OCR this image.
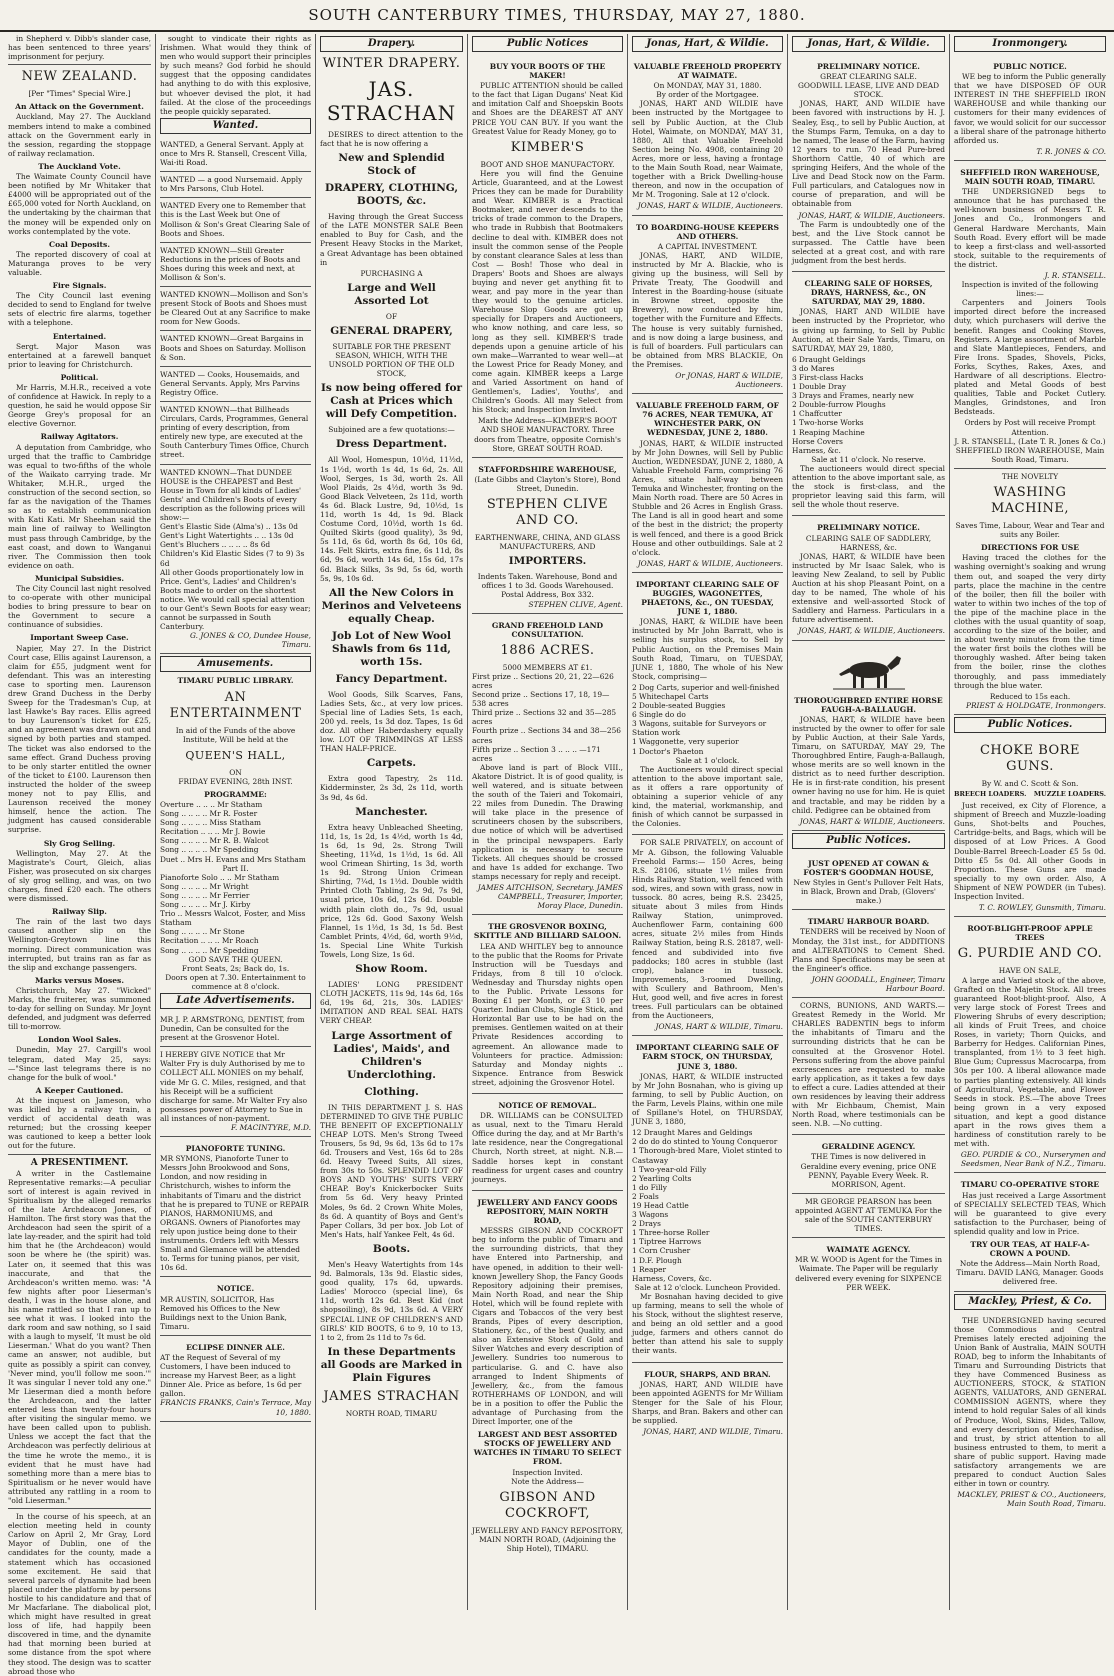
SOUTH CANTERBURY TIMES, THURSDAY, MAY 27, 1880.

in Shepherd v. Dibb's slander case, has been sentenced to three years' imprisonment for perjury.

NEW ZEALAND.
[Per "Times" Special Wire.]
An Attack on the Government.

Auckland, May 27. The Auckland members intend to make a combined attack on the Government early in the session, regarding the stoppage of railway reclamation.

The Auckland Vote.

The Waimate County Council have been notified by Mr Whitaker that £4000 will be appropriated out of the £65,000 voted for North Auckland, on the undertaking by the chairman that the money will be expended only on works contemplated by the vote.

Coal Deposits.

The reported discovery of coal at Maturanga proves to be very valuable.

Fire Signals.

The City Council last evening decided to send to England for twelve sets of electric fire alarms, together with a telephone.

Entertained.

Sergt. Major Mason was entertained at a farewell banquet prior to leaving for Christchurch.

Political.

Mr Harris, M.H.R., received a vote of confidence at Hawick. In reply to a question, he said he would oppose Sir George Grey's proposal for an elective Governor.

Railway Agitators.

A deputation from Cambridge, who urged that the traffic to Cambridge was equal to two-fifths of the whole of the Waikato carrying trade. Mr Whitaker, M.H.R., urged the construction of the second section, so far as the navigation of the Thames so as to establish communication with Kati Kati. Mr Sheehan said the main line of railway to Wellington must pass through Cambridge, by the east coast, and down to Wanganui river. The Commission then took evidence on oath.

Municipal Subsidies.

The City Council last night resolved to co-operate with other municipal bodies to bring pressure to bear on the Government to secure a continuance of subsidies.

Important Sweep Case.

Napier, May 27. In the District Court case, Ellis against Laurenson, a claim for £55, judgment went for defendant. This was an interesting case to sporting men. Laurenson drew Grand Duchess in the Derby Sweep for the Tradesman's Cup, at last Hawke's Bay races. Ellis agreed to buy Laurenson's ticket for £25, and an agreement was drawn out and signed by both parties and stamped. The ticket was also endorsed to the same effect. Grand Duchess proving to be only starter entitled the owner of the ticket to £100. Laurenson then instructed the holder of the sweep money not to pay Ellis, and Laurenson received the money himself, hence the action. The judgment has caused considerable surprise.

Sly Grog Selling.

Wellington, May 27. At the Magistrate's Court, Gleich, alias Fisher, was prosecuted on six charges of sly grog selling, and was, on two charges, fined £20 each. The others were dismissed.

Railway Slip.

The rain of the last two days caused another slip on the Wellington-Greytown line this morning. Direct communication was interrupted, but trains ran as far as the slip and exchange passengers.

Marks versus Moses.

Christchurch, May 27. "Wicked" Marks, the fruiterer, was summoned to-day for selling on Sunday. Mr Joynt defended, and judgment was deferred till to-morrow.

London Wool Sales.

Dunedin, May 27. Cargill's wool telegram, dated May 25, says:—"Since last telegrams there is no change for the bulk of wool."

A Keeper Cautioned.

At the inquest on Jameson, who was killed by a railway train, a verdict of accidental death was returned; but the crossing keeper was cautioned to keep a better look out for the future.

A PRESENTIMENT.

A writer in the Castlemaine Representative remarks:—A peculiar sort of interest is again revived in Spiritualism by the alleged remarks of the late Archdeacon Jones, of Hamilton. The first story was that the Archdeacon had seen the spirit of a late lay-reader, and the spirit had told him that he (the Archdeacon) would soon be where he (the spirit) was. Later on, it seemed that this was inaccurate, and that the Archdeacon's written memo. was: "A few nights after poor Lieserman's death, I was in the house alone, and his name rattled so that I ran up to see what it was. I looked into the dark room and saw nothing, so I said with a laugh to myself, 'It must be old Lieserman.' What do you want? Then came an answer, not audible, but quite as possibly a spirit can convey, 'Never mind, you'll follow me soon.'" It was singular I never told any one." Mr Lieserman died a month before the Archdeacon, and the latter entered less than twenty-four hours after visiting the singular memo. we have been called upon to publish. Unless we accept the fact that the Archdeacon was perfectly delirious at the time he wrote the memo., it is evident that he must have had something more than a mere bias to Spiritualism or he never would have attributed any rattling in a room to "old Lieserman."

In the course of his speech, at an election meeting held in county Carlow on April 2, Mr Gray, Lord Mayor of Dublin, one of the candidates for the county, made a statement which has occasioned some excitement. He said that several parcels of dynamite had been placed under the platform by persons hostile to his candidature and that of Mr Macfarlane. The diabolical plot, which might have resulted in great loss of life, had happily been discovered in time, and the dynamite had that morning been buried at some distance from the spot where they stood. The design was to scatter abroad those who

sought to vindicate their rights as Irishmen. What would they think of men who would support their principles by such means? God forbid he should suggest that the opposing candidates had anything to do with this explosive, but whoever devised the plot, it had failed. At the close of the proceedings the people quickly separated.

Wanted.
WANTED, a General Servant. Apply at once to Mrs R. Stansell, Crescent Villa, Wai-iti Road.
WANTED — a good Nursemaid. Apply to Mrs Parsons, Club Hotel.
WANTED Every one to Remember that this is the Last Week but One of Mollison & Son's Great Clearing Sale of Boots and Shoes.
WANTED KNOWN—Still Greater Reductions in the prices of Boots and Shoes during this week and next, at Mollison & Son's.
WANTED KNOWN—Mollison and Son's present Stock of Boots and Shoes must be Cleared Out at any Sacrifice to make room for New Goods.
WANTED KNOWN—Great Bargains in Boots and Shoes on Saturday. Mollison & Son.
WANTED — Cooks, Housemaids, and General Servants. Apply, Mrs Parvins Registry Office.
WANTED KNOWN—that Billheads Circulars, Cards, Programmes, General printing of every description, from entirely new type, are executed at the South Canterbury Times Office, Church street.
WANTED KNOWN—That DUNDEE HOUSE is the CHEAPEST and Best House in Town for all kinds of Ladies' Gents' and Children's Boots of every description as the following prices will show:—
Gent's Elastic Side (Alma's) .. 13s 0d
Gent's Light Watertights .. .. 13s 0d
Gent's Bluchers .. .. .. .. 8s 6d
Children's Kid Elastic Sides (7 to 9) 3s 6d
All other Goods proportionately low in Price. Gent's, Ladies' and Children's Boots made to order on the shortest notice. We would call special attention to our Gent's Sewn Boots for easy wear; cannot be surpassed in South Canterbury.
G. JONES & CO, Dundee House, Timaru.
Amusements.
TIMARU PUBLIC LIBRARY.
AN ENTERTAINMENT
In aid of the Funds of the above Institute, Will be held at the
QUEEN'S HALL,
ON
FRIDAY EVENING, 28th INST.
PROGRAMME:
Overture .. .. .. Mr Statham
Song .. .. .. .. Mr R. Foster
Song .. .. .. .. Miss Statham
Recitation .. .. .. Mr J. Bowie
Song .. .. .. .. Mr R. B. Walcot
Song .. .. .. .. Mr Spedding
Duet .. Mrs H. Evans and Mrs Statham
Part II.
Pianoforte Solo .. .. Mr Statham
Song .. .. .. .. Mr Wright
Song .. .. .. .. Mr Ferrier
Song .. .. .. .. Mr J. Kirby
Trio .. Messrs Walcot, Foster, and Miss Statham
Song .. .. .. .. Mr Stone
Recitation .. .. .. Mr Roach
Song .. .. .. .. Mr Spedding
GOD SAVE THE QUEEN.
Front Seats, 2s; Back do, 1s.
Doors open at 7.30. Entertainment to commence at 8 o'clock.
Late Advertisements.
MR J. P. ARMSTRONG, DENTIST, from Dunedin, Can be consulted for the present at the Grosvenor Hotel.
I HEREBY GIVE NOTICE that Mr Walter Fry is duly Authorised by me to COLLECT ALL MONIES on my behalf, vide Mr G. C. Miles, resigned, and that his Receipt will be a sufficient discharge for same. Mr Walter Fry also possesses power of Attorney to Sue in all instances of non-payment.
F. MACINTYRE, M.D.
PIANOFORTE TUNING.
MR SYMONS, Pianoforte Tuner to Messrs John Brookwood and Sons, London, and now residing in Christchurch, wishes to inform the inhabitants of Timaru and the district that he is prepared to TUNE or REPAIR PIANOS, HARMONIUMS, and ORGANS. Owners of Pianofortes may rely upon justice being done to their instruments. Orders left with Messrs Small and Glemance will be attended to. Terms for tuning pianos, per visit, 10s 6d.
NOTICE.
MR AUSTIN, SOLICITOR, Has Removed his Offices to the New Buildings next to the Union Bank, Timaru.
ECLIPSE DINNER ALE.
AT the Request of Several of my Customers, I have been induced to increase my Harvest Beer, as a light Dinner Ale. Price as before, 1s 6d per gallon.
FRANCIS FRANKS, Cain's Terrace, May 10, 1880.
Drapery.
WINTER DRAPERY.
JAS. STRACHAN

DESIRES to direct attention to the fact that he is now offering a

New and Splendid Stock of
DRAPERY, CLOTHING, BOOTS, &c.

Having through the Great Success of the LATE MONSTER SALE Been enabled to Buy for Cash, and the Present Heavy Stocks in the Market, a Great Advantage has been obtained in

PURCHASING A
Large and Well Assorted Lot
OF
GENERAL DRAPERY,
SUITABLE FOR THE PRESENT SEASON, WHICH, WITH THE UNSOLD PORTION OF THE OLD STOCK,
Is now being offered for Cash at Prices which will Defy Competition.
Subjoined are a few quotations:—
Dress Department.

All Wool, Homespun, 10½d, 11½d, 1s 1½d, worth 1s 4d, 1s 6d, 2s. All Wool, Serges, 1s 3d, worth 2s. All Wool Plaids, 2s 4½d, worth 3s 9d. Good Black Velveteen, 2s 11d, worth 4s 6d. Black Lustre, 9d, 10½d, 1s 11d, worth 1s 4d, 1s 9d. Black Costume Cord, 10½d, worth 1s 6d. Quilted Skirts (good quality), 3s 9d, 5s 11d, 6s 6d, worth 8s 6d, 10s 6d, 14s. Felt Skirts, extra fine, 6s 11d, 8s 6d, 9s 6d, worth 14s 6d, 15s 6d, 17s 6d. Black Silks, 3s 9d, 5s 6d, worth 5s, 9s, 10s 6d.

All the New Colors in Merinos and Velveteens equally Cheap.
Job Lot of New Wool Shawls from 6s 11d, worth 15s.
Fancy Department.

Wool Goods, Silk Scarves, Fans, Ladies Sets, &c., at very low prices. Special line of Ladies Sets, 1s each, 200 yd. reels, 1s 3d doz. Tapes, 1s 6d doz. All other Haberdashery equally low. LOT OF TRIMMINGS AT LESS THAN HALF-PRICE.

Carpets.

Extra good Tapestry, 2s 11d. Kidderminster, 2s 3d, 2s 11d, worth 3s 9d, 4s 6d.

Manchester.

Extra heavy Unbleached Sheeting, 11d, 1s, 1s 2d, 1s 4½d, worth 1s 4d, 1s 6d, 1s 9d, 2s. Strong Twill Sheeting, 11¾d, 1s 1½d, 1s 6d. All wool Crimean Shirting, 1s 3d, worth 1s 9d. Strong Union Crimean Shirting, 7¼d, 1s 1½d. Double width Printed Cloth Tabling, 2s 9d, 7s 9d, usual price, 10s 6d, 12s 6d. Double width plain cloth do., 7s 9d, usual price, 12s 6d. Good Saxony Welsh Flannel, 1s 1½d, 1s 3d, 1s 5d. Best Camblet Prints, 4½d, 6d, worth 9½d, 1s. Special Line White Turkish Towels, Long Size, 1s 6d.

Show Room.

LADIES' LONG PRESIDENT CLOTH JACKETS, 11s 9d, 14s 6d, 16s 6d, 19s 6d, 21s, 30s. LADIES' IMITATION AND REAL SEAL HATS VERY CHEAP.

Large Assortment of Ladies', Maids', and Children's Underclothing.
Clothing.

IN THIS DEPARTMENT J. S. HAS DETERMINED TO GIVE THE PUBLIC THE BENEFIT OF EXCEPTIONALLY CHEAP LOTS. Men's Strong Tweed Trousers, 5s 9d, 9s 6d, 13s 6d to 17s 6d. Trousers and Vest, 16s 6d to 28s 6d. Heavy Tweed Suits, All sizes, from 30s to 50s. SPLENDID LOT OF BOYS AND YOUTHS' SUITS VERY CHEAP. Boy's Knickerbocker Suits from 5s 6d. Very heavy Printed Moles, 9s 6d. 2 Crown White Moles, 8s 6d. A quantity of Boys and Gent's Paper Collars, 3d per box. Job Lot of Men's Hats, half Yankee Felt, 4s 6d.

Boots.

Men's Heavy Watertights from 14s 9d. Balmorals, 13s 9d. Elastic sides, good quality, 17s 6d, upwards. Ladies' Morocco (special line), 6s 11d, worth 12s 6d. Best Kid (not shopsoiling), 8s 9d, 13s 6d. A VERY SPECIAL LINE OF CHILDREN'S AND GIRLS' KID BOOTS, 6 to 9, 10 to 13, 1 to 2, from 2s 11d to 7s 6d.

In these Departments all Goods are Marked in Plain Figures
JAMES STRACHAN
NORTH ROAD, TIMARU
Public Notices
BUY YOUR BOOTS OF THE MAKER!

PUBLIC ATTENTION should be called to the fact that Ligan Dugans' Neat Kid and imitation Calf and Shoepskin Boots and Shoes are the DEAREST AT ANY PRICE YOU CAN BUY. If you want the Greatest Value for Ready Money, go to

KIMBER'S
BOOT AND SHOE MANUFACTORY.

Here you will find the Genuine Article, Guaranteed, and at the Lowest Prices they can be made for Durability and Wear. KIMBER is a Practical Bootmaker, and never descends to the tricks of trade common to the Drapers, who trade in Rubbish that Bootmakers decline to deal with. KIMBER does not insult the common sense of the People by constant clearance Sales at less than Cost — Bosh! Those who deal in Drapers' Boots and Shoes are always buying and never get anything fit to wear, and pay more in the year than they would to the genuine articles. Warehouse Slop Goods are got up specially for Drapers and Auctioneers, who know nothing, and care less, so long as they sell. KIMBER'S trade depends upon a genuine article of his own make—Warranted to wear well—at the Lowest Price for Ready Money, and come again. KIMBER keeps a Large and Varied Assortment on hand of Gentlemen's, Ladies', Youths', and Children's Goods. All may Select from his Stock; and Inspection Invited.

Mark the Address—KIMBER'S BOOT AND SHOE MANUFACTORY. Three doors from Theatre, opposite Cornish's Store, GREAT SOUTH ROAD.
STAFFORDSHIRE WAREHOUSE,
(Late Gibbs and Clayton's Store), Bond Street, Dunedin.
STEPHEN CLIVE AND CO.
EARTHENWARE, CHINA, AND GLASS MANUFACTURERS, AND
IMPORTERS.
Indents Taken. Warehouse, Bond and offices 1 to 3d. Goods Warehoused. Postal Address, Box 332.
STEPHEN CLIVE, Agent.
GRAND FREEHOLD LAND CONSULTATION.
1886 ACRES.
5000 MEMBERS AT £1.
First prize .. Sections 20, 21, 22—626 acres
Second prize .. Sections 17, 18, 19—538 acres
Third prize .. Sections 32 and 35—285 acres
Fourth prize .. Sections 34 and 38—256 acres
Fifth prize .. Section 3 .. .. .. —171 acres

Above land is part of Block VIII., Akatore District. It is of good quality, is well watered, and is situate between the south of the Taieri and Tokomairi, 22 miles from Dunedin. The Drawing will take place in the presence of scrutineers chosen by the subscribers, due notice of which will be advertised in the principal newspapers. Early application is necessary to secure Tickets. All cheques should be crossed and have 1s added for exchange. Two stamps necessary for reply and receipt.

JAMES AITCHISON, Secretary. JAMES CAMPBELL, Treasurer, Importer, Moray Place, Dunedin.
THE GROSVENOR BOXING, SKITTLE AND BILLIARD SALOON.

LEA AND WHITLEY beg to announce to the public that the Rooms for Private Instruction will be Tuesdays and Fridays, from 8 till 10 o'clock. Wednesday and Thursday nights open to the Public. Private Lessons for Boxing £1 per Month, or £3 10 per Quarter. Indian Clubs, Single Stick, and Horizontal Bar use to be had on the premises. Gentlemen waited on at their Private Residences according to agreement. An allowance made to Volunteers for practice. Admission: Saturday and Monday nights .. Sixpence. Entrance from Beswick street, adjoining the Grosvenor Hotel.

NOTICE OF REMOVAL.

DR. WILLIAMS can be CONSULTED as usual, next to the Timaru Herald Office during the day, and at Mr Barth's late residence, near the Congregational Church, North street, at night. N.B.—Saddle horses kept in constant readiness for urgent cases and country journeys.

JEWELLERY AND FANCY GOODS REPOSITORY, MAIN NORTH ROAD,

MESSRS GIBSON AND COCKROFT beg to inform the public of Timaru and the surrounding districts, that they have Entered into Partnership, and have opened, in addition to their well-known Jewellery Shop, the Fancy Goods Repository adjoining their premises, Main North Road, and near the Ship Hotel, which will be found replete with Cigars and Tobaccos of the very best Brands, Pipes of every description, Stationery, &c., of the best Quality, and also an Extensive Stock of Gold and Silver Watches and every description of Jewellery. Sundries too numerous to particularise. G. and C. have also arranged to Indent Shipments of Jewellery, &c., from the famous ROTHERHAMS OF LONDON, and will be in a position to offer the Public the advantage of Purchasing from the Direct Importer, one of the

LARGEST AND BEST ASSORTED STOCKS OF JEWELLERY AND WATCHES IN TIMARU TO SELECT FROM.
Inspection Invited.
Note the Address—
GIBSON AND COCKROFT,
JEWELLERY AND FANCY REPOSITORY, MAIN NORTH ROAD, (Adjoining the Ship Hotel), TIMARU.
Jonas, Hart, & Wildie.
VALUABLE FREEHOLD PROPERTY AT WAIMATE.
On MONDAY, MAY 31, 1880.
By order of the Mortgagee.

JONAS, HART AND WILDIE have been instructed by the Mortgagee to sell by Public Auction, at the Club Hotel, Waimate, on MONDAY, MAY 31, 1880, All that Valuable Freehold Section being No. 4908, containing 20 Acres, more or less, having a frontage to the Main South Road, near Waimate, together with a Brick Dwelling-house thereon, and now in the occupation of Mr M. Trogoning. Sale at 12 o'clock.

JONAS, HART & WILDIE, Auctioneers.
TO BOARDING-HOUSE KEEPERS AND OTHERS.
A CAPITAL INVESTMENT.

JONAS, HART, AND WILDIE, instructed by Mr A. Blackie, who is giving up the business, will Sell by Private Treaty, The Goodwill and Interest in the Boarding-house (situate in Browne street, opposite the Brewery), now conducted by him, together with the Furniture and Effects. The house is very suitably furnished, and is now doing a large business, and is full of boarders. Full particulars can be obtained from MRS BLACKIE, On the Premises.

Or JONAS, HART & WILDIE, Auctioneers.
VALUABLE FREEHOLD FARM, OF 76 ACRES, NEAR TEMUKA, AT WINCHESTER PARK, ON WEDNESDAY, JUNE 2, 1880.

JONAS, HART, & WILDIE instructed by Mr John Downes, will Sell by Public Auction, WEDNESDAY, JUNE 2, 1880, A Valuable Freehold Farm, comprising 76 Acres, situate half-way between Temuka and Winchester, fronting on the Main North road. There are 50 Acres in Stubble and 26 Acres in English Grass. The Land is all in good heart and some of the best in the district; the property is well fenced, and there is a good Brick House and other outbuildings. Sale at 2 o'clock.

JONAS, HART & WILDIE, Auctioneers.
IMPORTANT CLEARING SALE OF BUGGIES, WAGONETTES, PHAETONS, &c., ON TUESDAY, JUNE 1, 1880.

JONAS, HART, & WILDIE have been instructed by Mr John Barratt, who is selling his surplus stock, to Sell by Public Auction, on the Premises Main South Road, Timaru, on TUESDAY, JUNE 1, 1880, The whole of his New Stock, comprising—

2 Dog Carts, superior and well-finished
5 Whitechapel Carts
2 Double-seated Buggies
6 Single do do
3 Wagons, suitable for Surveyors or Station work
1 Waggonette, very superior
1 Doctor's Phaeton
Sale at 1 o'clock.

The Auctioneers would direct special attention to the above important sale, as it offers a rare opportunity of obtaining a superior vehicle of any kind, the material, workmanship, and finish of which cannot be surpassed in the Colonies.

FOR SALE PRIVATELY, on account of Mr A. Gibson, the following Valuable Freehold Farms:— 150 Acres, being R.S. 28106, situate 1½ miles from Hinds Railway Station, well fenced with sod, wires, and sown with grass, now in tussock. 80 acres, being R.S. 23425, situate about 3 miles from Hinds Railway Station, unimproved. Auchenflower Farm, containing 600 acres, situate 2½ miles from Hinds Railway Station, being R.S. 28187, well-fenced and subdivided into five paddocks; 180 acres in stubble (last crop), balance in tussock. Improvements, 3-roomed Dwelling, with Scullery and Bathroom, Men's Hut, good well, and five acres in forest trees. Full particulars can be obtained from the Auctioneers,

JONAS, HART & WILDIE, Timaru.
IMPORTANT CLEARING SALE OF FARM STOCK, ON THURSDAY, JUNE 3, 1880.

JONAS, HART, & WILDIE instructed by Mr John Bosnahan, who is giving up farming, to sell by Public Auction, on the Farm, Levels Plains, within one mile of Spillane's Hotel, on THURSDAY, JUNE 3, 1880,

12 Draught Mares and Geldings
2 do do do stinted to Young Conqueror
1 Thorough-bred Mare, Violet stinted to Castaway
1 Two-year-old Filly
2 Yearling Colts
1 do Filly
2 Foals
19 Head Cattle
3 Wagons
2 Drays
1 Three-horse Roller
1 Tiptree Harrows
1 Corn Crusher
1 D.F. Plough
1 Reaper
Harness, Covers, &c.
Sale at 12 o'clock. Luncheon Provided.

Mr Bosnahan having decided to give up farming, means to sell the whole of his Stock, without the slightest reserve, and being an old settler and a good judge, farmers and others cannot do better than attend his sale to supply their wants.

FLOUR, SHARPS, AND BRAN.

JONAS, HART, AND WILDIE have been appointed AGENTS for Mr William Stenger for the Sale of his Flour, Sharps, and Bran. Bakers and other can be supplied.

JONAS, HART, AND WILDIE, Timaru.
Jonas, Hart, & Wildie.
PRELIMINARY NOTICE.
GREAT CLEARING SALE.
GOODWILL LEASE, LIVE AND DEAD STOCK.

JONAS, HART, AND WILDIE have been favored with instructions by H. J. Sealey, Esq., to sell by Public Auction, at the Stumps Farm, Temuka, on a day to be named, The lease of the Farm, having 12 years to run. 70 Head Pure-bred Shorthorn Cattle, 40 of which are springing Heifers, And the whole of the Live and Dead Stock now on the Farm. Full particulars, and Catalogues now in course of preparation, and will be obtainable from

JONAS, HART, & WILDIE, Auctioneers.

The Farm is undoubtedly one of the best, and the Live Stock cannot be surpassed. The Cattle have been selected at a great cost, and with rare judgment from the best herds.

CLEARING SALE OF HORSES, DRAYS, HARNESS, &c., ON SATURDAY, MAY 29, 1880.

JONAS, HART AND WILDIE have been instructed by the Proprietor, who is giving up farming, to Sell by Public Auction, at their Sale Yards, Timaru, on SATURDAY, MAY 29, 1880,

6 Draught Geldings
3 do Mares
3 First-class Hacks
1 Double Dray
3 Drays and Frames, nearly new
2 Double-furrow Ploughs
1 Chaffcutter
1 Two-horse Works
1 Reaping Machine
Horse Covers
Harness, &c.
Sale at 11 o'clock. No reserve.

The auctioneers would direct special attention to the above important sale, as the stock is first-class, and the proprietor leaving said this farm, will sell the whole thout reserve.

PRELIMINARY NOTICE.
CLEARING SALE OF SADDLERY, HARNESS, &c.

JONAS, HART, & WILDIE have been instructed by Mr Isaac Salek, who is leaving New Zealand, to sell by Public Auction at his shop Pleasant Point, on a day to be named, The whole of his extensive and well-assorted Stock of Saddlery and Harness. Particulars in a future advertisement.

JONAS, HART, & WILDIE, Auctioneers.
THOROUGHBRED ENTIRE HORSE FAUGH-A-BALLAUGH.

JONAS, HART, & WILDIE have been instructed by the owner to offer for sale by Public Auction, at their Sale Yards, Timaru, on SATURDAY, MAY 29, The Thoroughbred Entire, Faugh-a-Ballaugh, whose merits are so well known in the district as to need further description. He is in first-rate condition, his present owner having no use for him. He is quiet and tractable, and may be ridden by a child. Pedigree can be obtained from

JONAS, HART & WILDIE, Auctioneers.
Public Notices.
JUST OPENED AT COWAN & FOSTER'S GOODMAN HOUSE,
New Styles in Gent's Pullover Felt Hats, in Black, Brown and Drab, (Glovers' make.)
TIMARU HARBOUR BOARD.

TENDERS will be received by Noon of Monday, the 31st inst., for ADDITIONS and ALTERATIONS to Cement Shed. Plans and Specifications may be seen at the Engineer's office.

JOHN GOODALL, Engineer, Timaru Harbour Board.

CORNS, BUNIONS, AND WARTS.—Greatest Remedy in the World. Mr CHARLES BADENTIN begs to inform the inhabitants of Timaru and the surrounding districts that he can be consulted at the Grosvenor Hotel. Persons suffering from the above painful excrescences are requested to make early application, as it takes a few days to effect a cure. Ladies attended at their own residences by leaving their address with Mr Eichbaum, Chemist, Main North Road, where testimonials can be seen. N.B. —No cutting.

GERALDINE AGENCY.
THE Times is now delivered in Geraldine every evening, price ONE PENNY, Payable Every Week. R. MORRISON, Agent.
MR GEORGE PEARSON has been appointed AGENT AT TEMUKA For the sale of the SOUTH CANTERBURY TIMES.
WAIMATE AGENCY.
MR W. WOOD is Agent for the Times in Waimate. The Paper will be regularly delivered every evening for SIXPENCE PER WEEK.
Ironmongery.
PUBLIC NOTICE.

WE beg to inform the Public generally that we have DISPOSED OF OUR INTEREST IN THE SHEFFIELD IRON WAREHOUSE and while thanking our customers for their many evidences of favor, we would solicit for our successor a liberal share of the patronage hitherto afforded us.

T. R. JONES & CO.
SHEFFIELD IRON WAREHOUSE, MAIN SOUTH ROAD, TIMARU.

THE UNDERSIGNED begs to announce that he has purchased the well-known business of Messrs T. R. Jones and Co., Ironmongers and General Hardware Merchants, Main South Road. Every effort will be made to keep a first-class and well-assorted stock, suitable to the requirements of the district.

J. R. STANSELL.
Inspection is invited of the following lines:—

Carpenters and Joiners Tools imported direct before the increased duty, which purchasers will derive the benefit. Ranges and Cooking Stoves, Registers. A large assortment of Marble and Slate Mantlepieces, Fenders, and Fire Irons. Spades, Shovels, Picks, Forks, Scythes, Rakes, Axes, and Hardware of all descriptions. Electro-plated and Metal Goods of best qualities, Table and Pocket Cutlery. Mangles, Grindstones, and Iron Bedsteads.

Orders by Post will receive Prompt Attention.
J. R. STANSELL, (Late T. R. Jones & Co.) SHEFFIELD IRON WAREHOUSE, Main South Road, Timaru.
THE NOVELTY
WASHING MACHINE,
Saves Time, Labour, Wear and Tear and suits any Boiler.
DIRECTIONS FOR USE

Having traced the clothes for the washing overnight's soaking and wrung them out, and soaped the very dirty parts, place the machine in the centre of the boiler, then fill the boiler with water to within two inches of the top of the pipe of the machine place in the clothes with the usual quantity of soap, according to the size of the boiler, and in about twenty minutes from the time the water first boils the clothes will be thoroughly washed. After being taken from the boiler, rinse the clothes thoroughly, and pass immediately through the blue water.

Reduced to 15s each.
PRIEST & HOLDGATE, Ironmongers.
Public Notices.
CHOKE BORE GUNS.
By W. and C. Scott & Son.
BREECH LOADERS. MUZZLE LOADERS.

Just received, ex City of Florence, a shipment of Breech and Muzzle-loading Guns, Shot-belts and Pouches, Cartridge-belts, and Bags, which will be disposed of at Low Prices. A Good Double-Barrel Breech-Loader £5 5s 0d. Ditto £5 5s 0d. All other Goods in Proportion. These Guns are made specially to my own order. Also, A Shipment of NEW POWDER (in Tubes). Inspection Invited.

T. C. ROWLEY, Gunsmith, Timaru.
ROOT-BLIGHT-PROOF APPLE TREES
G. PURDIE AND CO.
HAVE ON SALE,

A large and Varied stock of the above, Grafted on the Majetin Stock. All trees guaranteed Root-blight-proof. Also, A very large stock of Forest Trees and Flowering Shrubs of every description; all kinds of Fruit Trees, and choice Roses, in variety; Thorn Quicks, and Barberry for Hedges. Californian Pines, transplanted, from 1½ to 3 feet high. Blue Gum; Cupressus Macrocarpa, from 30s per 100. A liberal allowance made to parties planting extensively. All kinds of Agricultural, Vegetable, and Flower Seeds in stock. P.S.—The above Trees being grown in a very exposed situation, and kept a good distance apart in the rows gives them a hardiness of constitution rarely to be met with.

GEO. PURDIE & CO., Nurserymen and Seedsmen, Near Bank of N.Z., Timaru.
TIMARU CO-OPERATIVE STORE

Has just received a Large Assortment of SPECIALLY SELECTED TEAS, Which will be guaranteed to give every satisfaction to the Purchaser, being of splendid quality and low in Price.

TRY OUR TEAS, AT HALF-A-CROWN A POUND.
Note the Address—Main North Road, Timaru. DAVID LANG, Manager. Goods delivered free.
Mackley, Priest, & Co.

THE UNDERSIGNED having secured those Commodious and Central Premises lately erected adjoining the Union Bank of Australia, MAIN SOUTH ROAD, beg to inform the Inhabitants of Timaru and Surrounding Districts that they have Commenced Business as AUCTIONEERS, STOCK, & STATION AGENTS, VALUATORS, AND GENERAL COMMISSION AGENTS, where they intend to hold regular Sales of all kinds of Produce, Wool, Skins, Hides, Tallow, and every description of Merchandise, and trust, by strict attention to all business entrusted to them, to merit a share of public support. Having made satisfactory arrangements we are prepared to conduct Auction Sales either in town or country.

MACKLEY, PRIEST & CO., Auctioneers, Main South Road, Timaru.
